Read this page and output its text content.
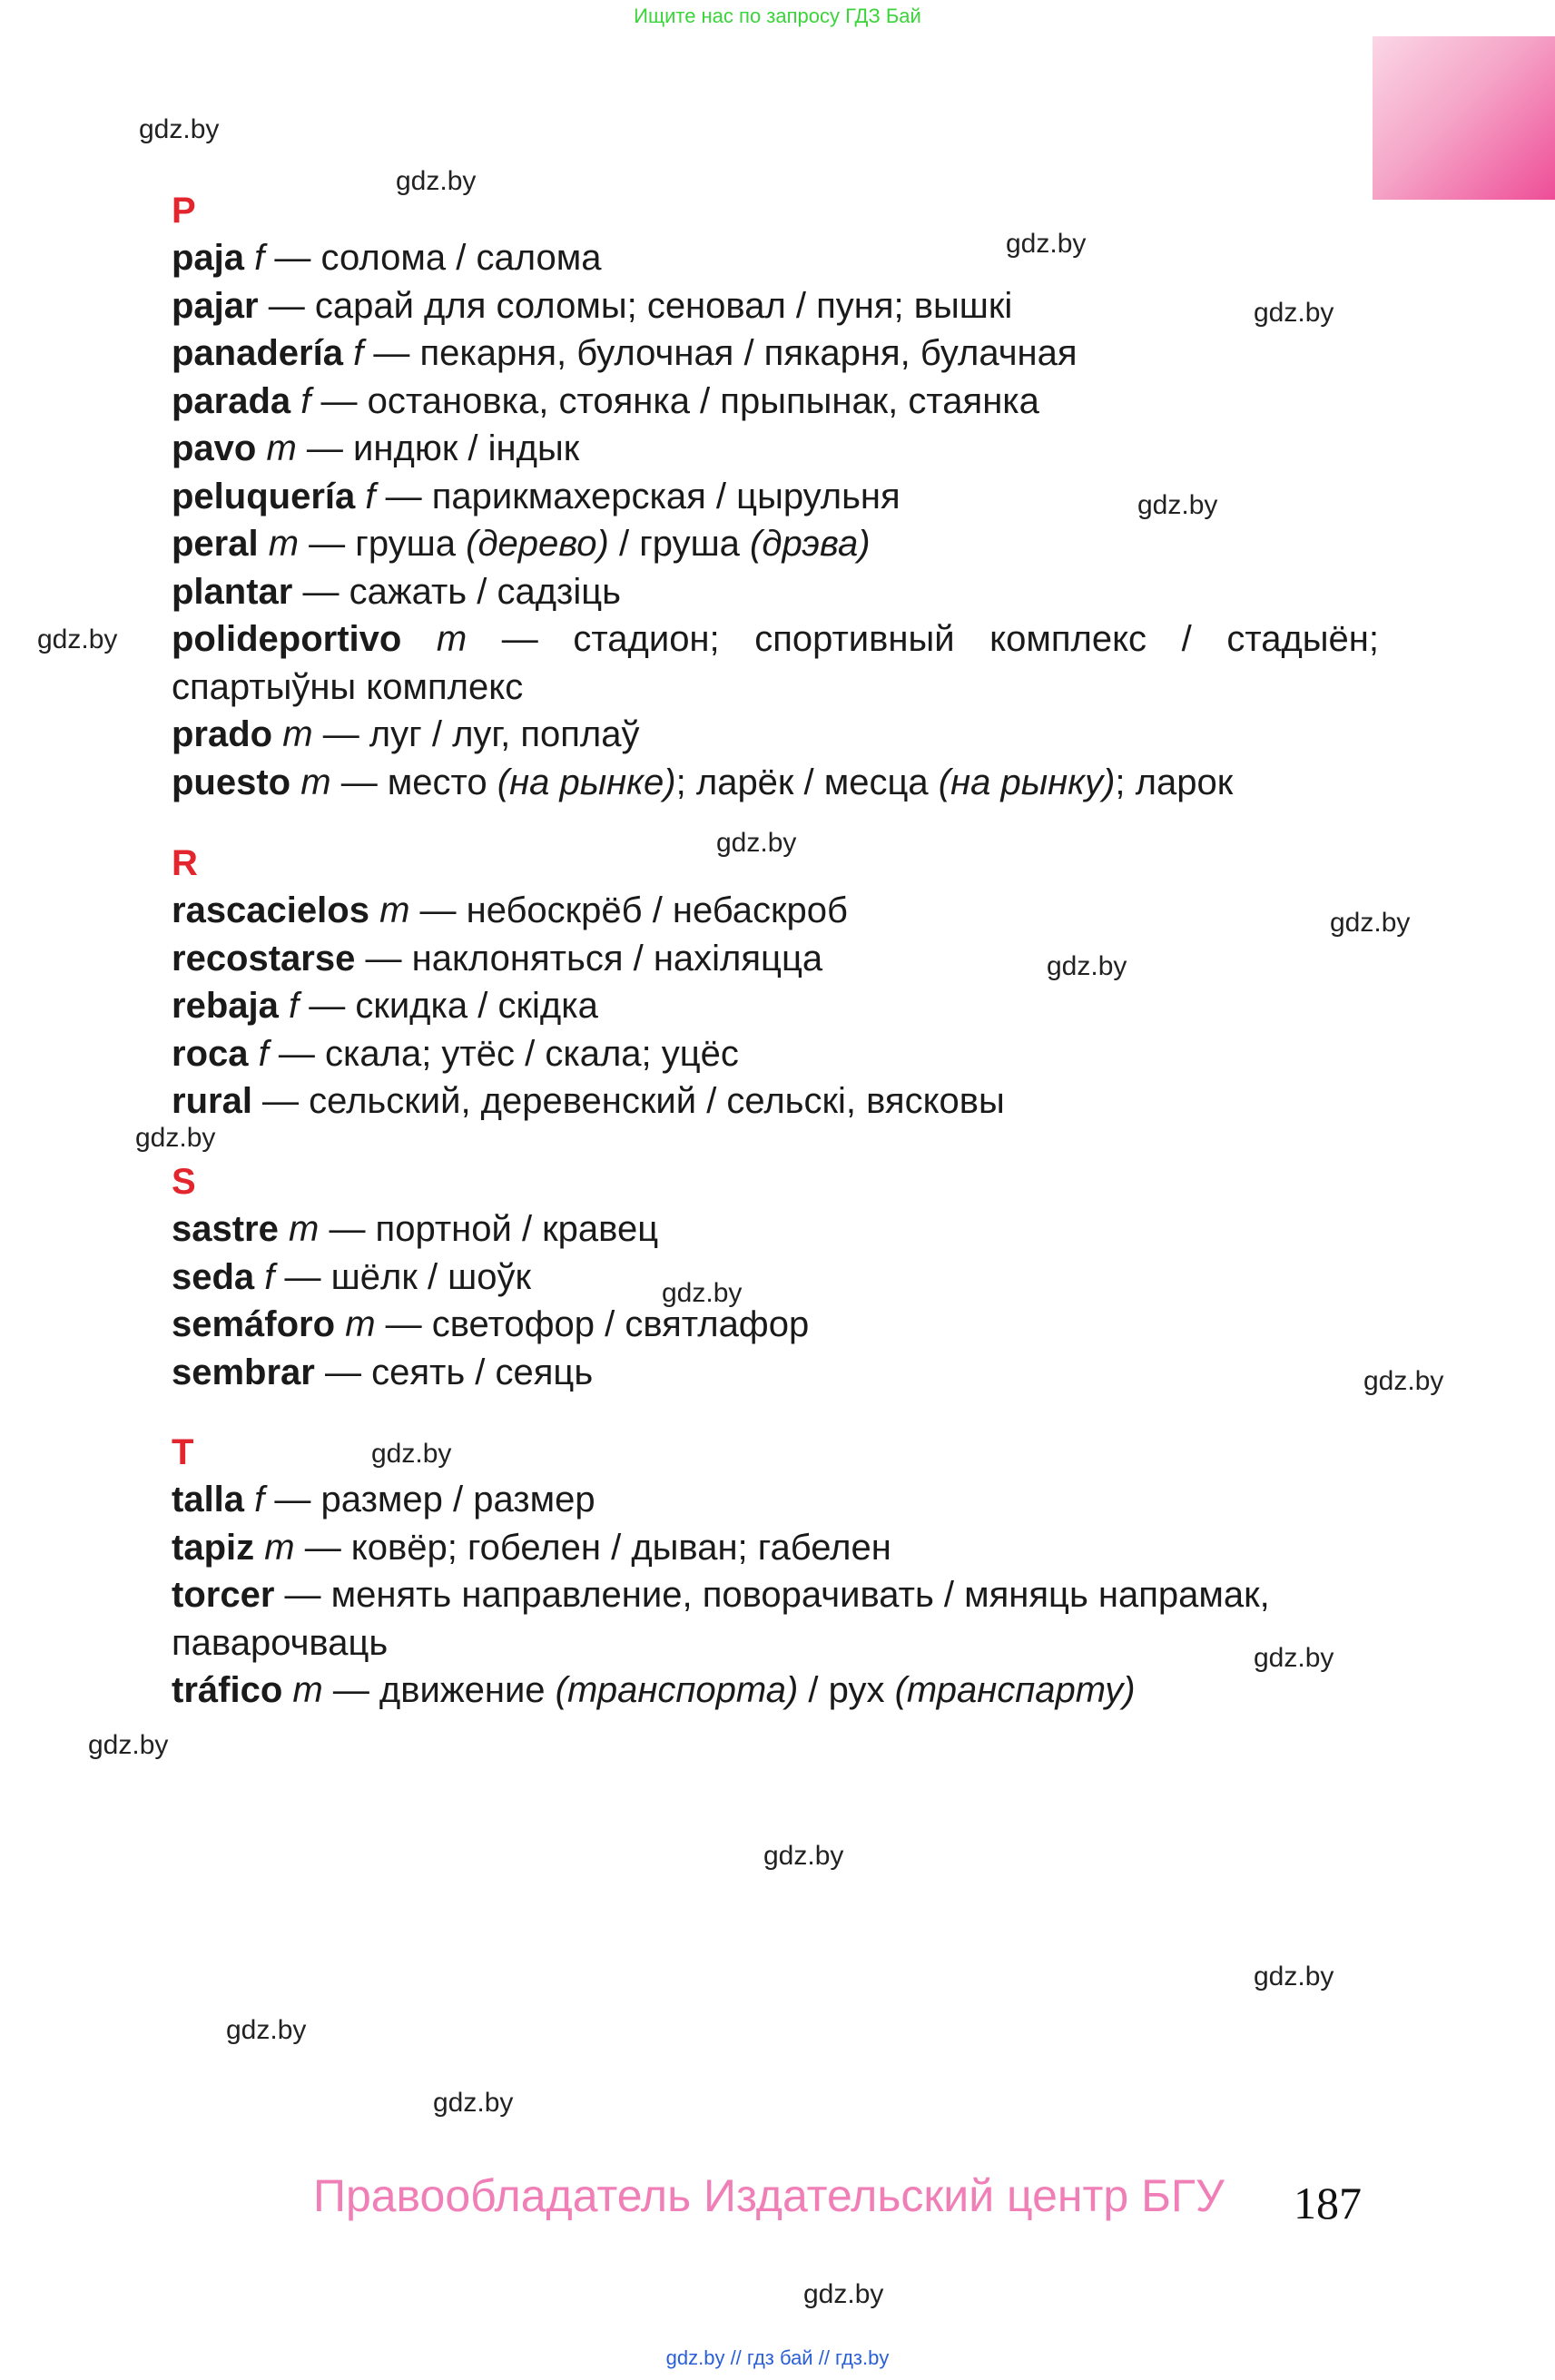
Ищите нас по запросу ГДЗ Бай
gdz.by
gdz.by
gdz.by
gdz.by
gdz.by
gdz.by
gdz.by
gdz.by
gdz.by
gdz.by
gdz.by
gdz.by
gdz.by
gdz.by
gdz.by
gdz.by
gdz.by
gdz.by
gdz.by
gdz.by
P
paja f — солома / салома
pajar — сарай для соломы; сеновал / пуня; вышкі
panadería f — пекарня, булочная / пякарня, булачная
parada f — остановка, стоянка / прыпынак, стаянка
pavo m — индюк / індык
peluquería f — парикмахерская / цырульня
peral m — груша (дерево) / груша (дрэва)
plantar — сажать / садзіць
polideportivo m — стадион; спортивный комплекс / стадыён;
спартыўны комплекс
prado m — луг / луг, поплаў
puesto m — место (на рынке); ларёк / месца (на рынку); ларок
R
rascacielos m — небоскрёб / небаскроб
recostarse — наклоняться / нахіляцца
rebaja f — скидка / скідка
roca f — скала; утёс / скала; уцёс
rural — сельский, деревенский / сельскі, вясковы
S
sastre m — портной / кравец
seda f — шёлк / шоўк
semáforo m — светофор / святлафор
sembrar — сеять / сеяць
T
talla f — размер / размер
tapiz m — ковёр; гобелен / дыван; габелен
torcer — менять направление, поворачивать / мяняць напрамак,
паварочваць
tráfico m — движение (транспорта) / рух (транспарту)
Правообладатель Издательский центр БГУ 187
gdz.by // гдз бай // гдз.by
